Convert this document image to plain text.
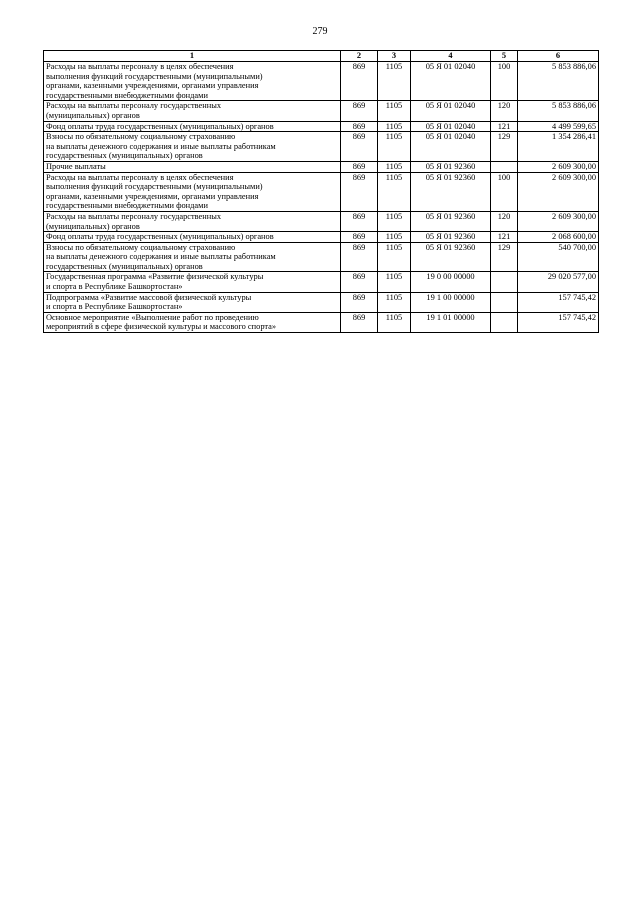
279
1	2	3	4	5	6

Расходы на выплаты персоналу в целях обеспечения
выполнения функций государственными (муниципальными)
органами, казенными учреждениями, органами управления
государственными внебюджетными фондами	869	1105	05 Я 01 02040	100	5 853 886,06

Расходы на выплаты персоналу государственных
(муниципальных) органов	869	1105	05 Я 01 02040	120	5 853 886,06

Фонд оплаты труда государственных (муниципальных) органов	869	1105	05 Я 01 02040	121	4 499 599,65

Взносы по обязательному социальному страхованию
на выплаты денежного содержания и иные выплаты работникам
государственных (муниципальных) органов	869	1105	05 Я 01 02040	129	1 354 286,41

Прочие выплаты	869	1105	05 Я 01 92360		2 609 300,00

Расходы на выплаты персоналу в целях обеспечения
выполнения функций государственными (муниципальными)
органами, казенными учреждениями, органами управления
государственными внебюджетными фондами	869	1105	05 Я 01 92360	100	2 609 300,00

Расходы на выплаты персоналу государственных
(муниципальных) органов	869	1105	05 Я 01 92360	120	2 609 300,00

Фонд оплаты труда государственных (муниципальных) органов	869	1105	05 Я 01 92360	121	2 068 600,00

Взносы по обязательному социальному страхованию
на выплаты денежного содержания и иные выплаты работникам
государственных (муниципальных) органов	869	1105	05 Я 01 92360	129	540 700,00

Государственная программа «Развитие физической культуры
и спорта в Республике Башкортостан»	869	1105	19 0 00 00000		29 020 577,00

Подпрограмма «Развитие массовой физической культуры
и спорта в Республике Башкортостан»	869	1105	19 1 00 00000		157 745,42

Основное мероприятие «Выполнение работ по проведению
мероприятий в сфере физической культуры и массового спорта»	869	1105	19 1 01 00000		157 745,42
